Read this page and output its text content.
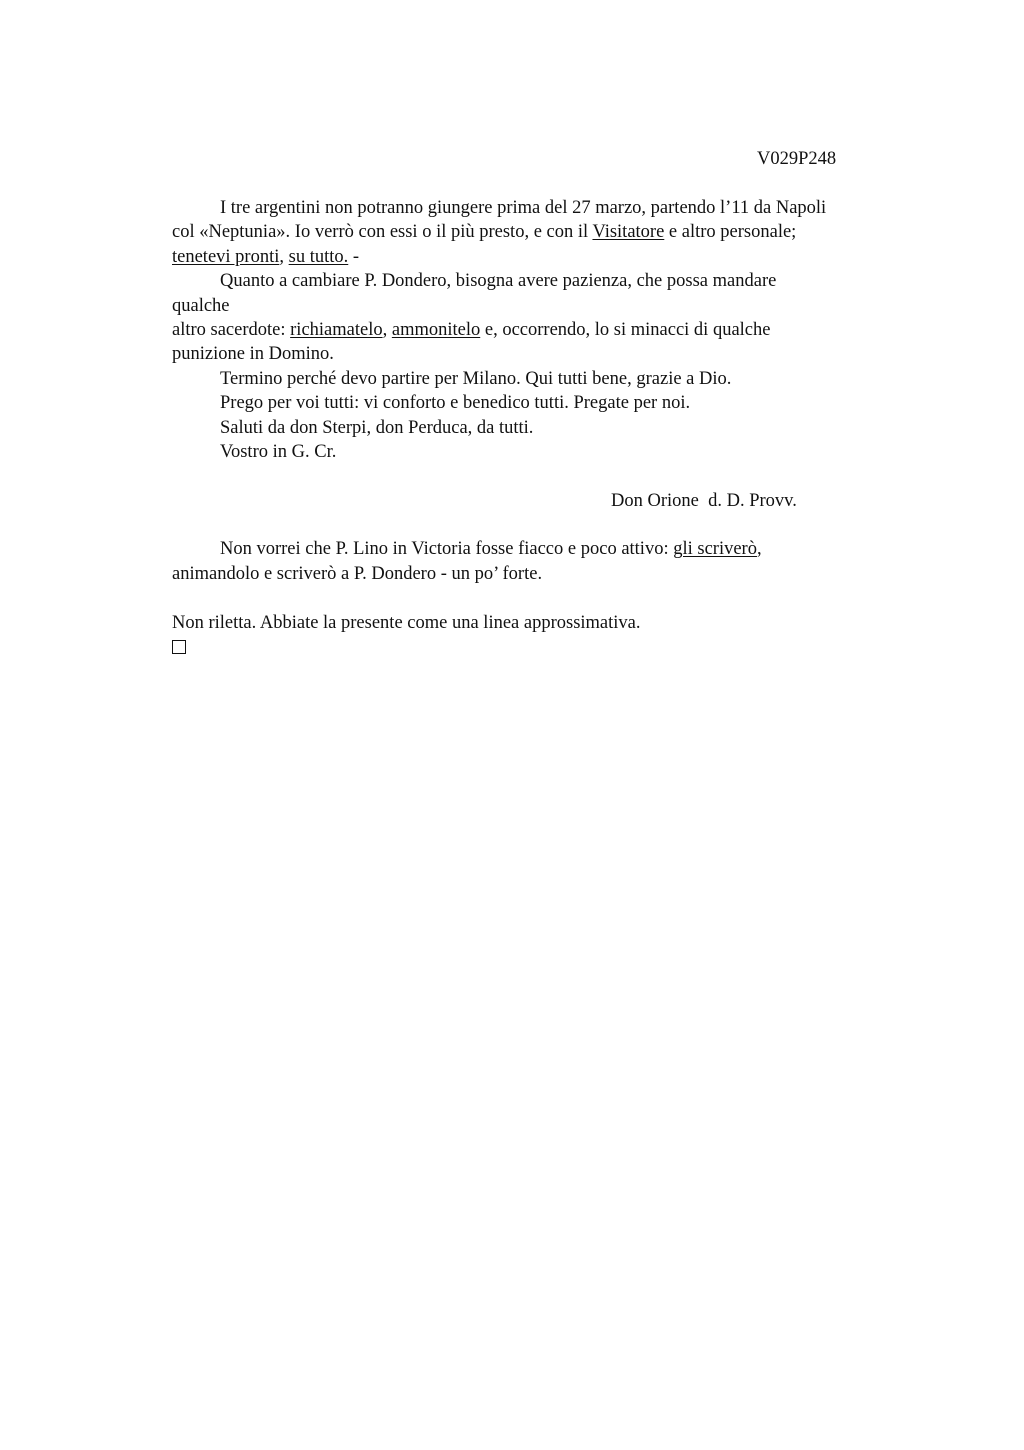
V029P248
I tre argentini non potranno giungere prima del 27 marzo, partendo l’11 da Napoli
col «Neptunia». Io verrò con essi o il più presto, e con il Visitatore e altro personale;
tenetevi pronti, su tutto. -
Quanto a cambiare P. Dondero, bisogna avere pazienza, che possa mandare
qualche
altro sacerdote: richiamatelo, ammonitelo e, occorrendo, lo si minacci di qualche
punizione in Domino.
Termino perché devo partire per Milano. Qui tutti bene, grazie a Dio.
Prego per voi tutti: vi conforto e benedico tutti. Pregate per noi.
Saluti da don Sterpi, don Perduca, da tutti.
Vostro in G. Cr.
Don Orione  d. D. Provv.
Non vorrei che P. Lino in Victoria fosse fiacco e poco attivo: gli scriverò,
animandolo e scriverò a P. Dondero - un po’ forte.
Non riletta. Abbiate la presente come una linea approssimativa.
